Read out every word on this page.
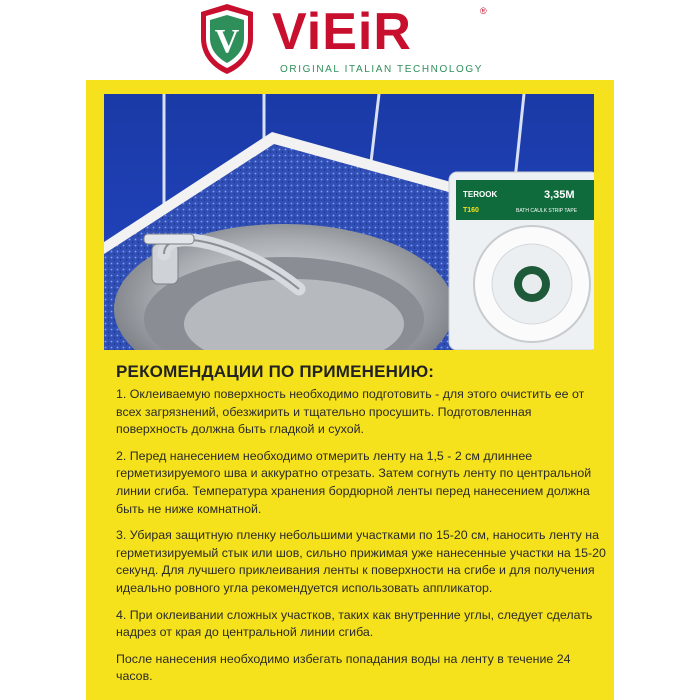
V ViEiR	®
ORIGINAL ITALIAN TECHNOLOGY
TEROOK
T160
3,35M
BATH CAULK STRIP TAPE
РЕКОМЕНДАЦИИ ПО ПРИМЕНЕНИЮ:

1. Оклеиваемую поверхность необходимо подготовить - для этого очистить ее от всех загрязнений, обезжирить и тщательно просушить. Подготовленная поверхность должна быть гладкой и сухой.

2. Перед нанесением необходимо отмерить ленту на 1,5 - 2 см длиннее герметизируемого шва и аккуратно отрезать. Затем согнуть ленту по центральной линии сгиба. Температура хранения бордюрной ленты перед нанесением должна быть не ниже комнатной.

3. Убирая защитную пленку небольшими участками по 15-20 см, наносить ленту на герметизируемый стык или шов, сильно прижимая уже нанесенные участки на 15-20 секунд. Для лучшего приклеивания ленты к поверхности на сгибе и для получения идеально ровного угла рекомендуется использовать аппликатор.

4. При оклеивании сложных участков, таких как внутренние углы, следует сделать надрез от края до центральной линии сгиба.

После нанесения необходимо избегать попадания воды на ленту в течение 24 часов.
